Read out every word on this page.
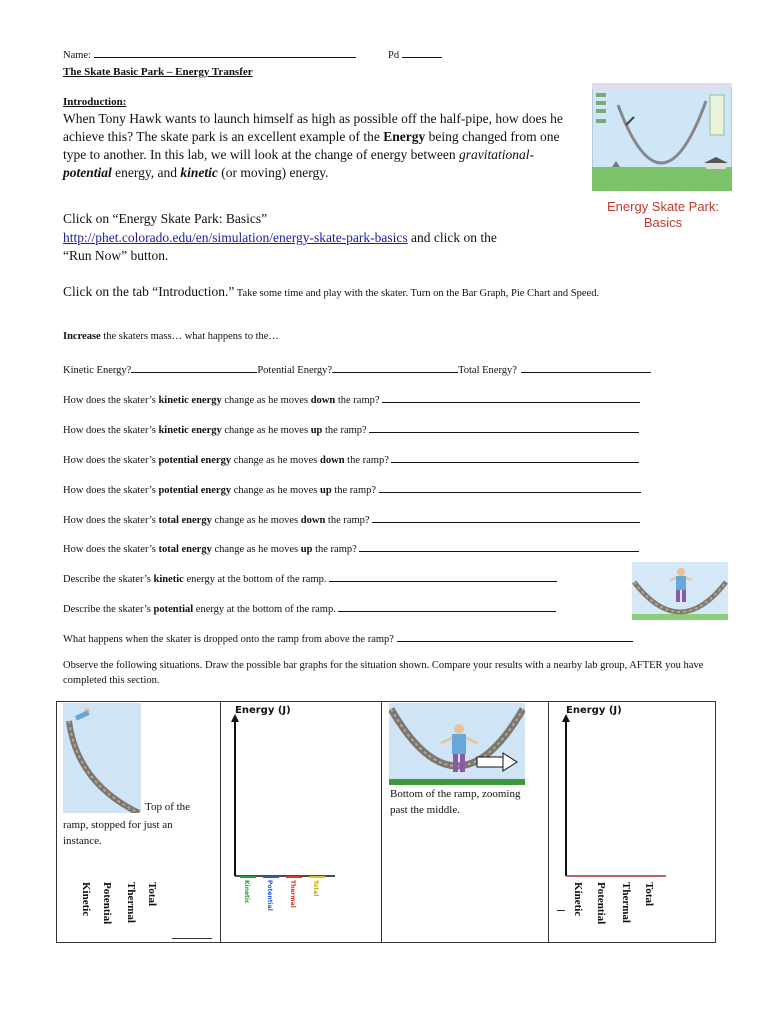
Name:	Pd
The Skate Basic Park – Energy Transfer
Introduction:
When Tony Hawk wants to launch himself as high as possible off the half-pipe, how does he achieve this? The skate park is an excellent example of the Energy being changed from one type to another. In this lab, we will look at the change of energy between gravitational-potential energy, and kinetic (or moving) energy.
Energy Skate Park:
Basics
Click on “Energy Skate Park: Basics”
http://phet.colorado.edu/en/simulation/energy-skate-park-basics and click on the
“Run Now” button.
Click on the tab “Introduction.” Take some time and play with the skater. Turn on the Bar Graph, Pie Chart and Speed.
Increase the skaters mass… what happens to the…
Kinetic Energy?	Potential Energy?	Total Energy?
How does the skater’s kinetic energy change as he moves down the ramp?
How does the skater’s kinetic energy change as he moves up the ramp?
How does the skater’s potential energy change as he moves down the ramp?
How does the skater’s potential energy change as he moves up the ramp?
How does the skater’s total energy change as he moves down the ramp?
How does the skater’s total energy change as he moves up the ramp?
Describe the skater’s kinetic energy at the bottom of the ramp.
Describe the skater’s potential energy at the bottom of the ramp.
What happens when the skater is dropped onto the ramp from above the ramp?
Observe the following situations. Draw the possible bar graphs for the situation shown. Compare your results with a nearby lab group, AFTER you have completed this section.
Top of the
ramp, stopped for just an
instance.
Kinetic Potential Thermal Total
Energy (J)
Kinetic	Potential	Thermal	Total
Bottom of the ramp, zooming past the middle.
Energy (J)
Kinetic Potential Thermal Total
